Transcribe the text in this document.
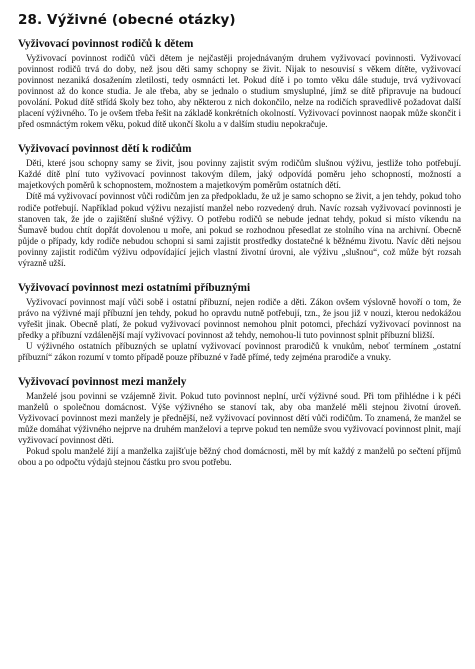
28. Výživné (obecné otázky)
Vyživovací povinnost rodičů k dětem

Vyživovací povinnost rodičů vůči dětem je nejčastěji projednávaným druhem vyživovací povinnosti. Vyživovací povinnost rodičů trvá do doby, než jsou děti samy schopny se živit. Nijak to nesouvisí s věkem dítěte, vyživovací povinnost nezaniká dosažením zletilosti, tedy osmnácti let. Pokud dítě i po tomto věku dále studuje, trvá vyživovací povinnost až do konce studia. Je ale třeba, aby se jednalo o studium smysluplné, jímž se dítě připravuje na budoucí povolání. Pokud dítě střídá školy bez toho, aby některou z nich dokončilo, nelze na rodičích spravedlivě požadovat další placení výživného. To je ovšem třeba řešit na základě konkrétních okolností. Vyživovací povinnost naopak může skončit i před osmnáctým rokem věku, pokud dítě ukončí školu a v dalším studiu nepokračuje.

Vyživovací povinnost dětí k rodičům

Děti, které jsou schopny samy se živit, jsou povinny zajistit svým rodičům slušnou výživu, jestliže toho potřebují. Každé dítě plní tuto vyživovací povinnost takovým dílem, jaký odpovídá poměru jeho schopností, možností a majetkových poměrů k schopnostem, možnostem a majetkovým poměrům ostatních dětí.

Dítě má vyživovací povinnost vůči rodičům jen za předpokladu, že už je samo schopno se živit, a jen tehdy, pokud toho rodiče potřebují. Například pokud výživu nezajistí manžel nebo rozvedený druh. Navíc rozsah vyživovací povinnosti je stanoven tak, že jde o zajištění slušné výživy. O potřebu rodičů se nebude jednat tehdy, pokud si místo víkendu na Šumavě budou chtít dopřát dovolenou u moře, ani pokud se rozhodnou přesedlat ze stolního vína na archivní. Obecně půjde o případy, kdy rodiče nebudou schopni si sami zajistit prostředky dostatečné k běžnému životu. Navíc děti nejsou povinny zajistit rodičům výživu odpovídající jejich vlastní životní úrovni, ale výživu „slušnou“, což může být rozsah výrazně užší.

Vyživovací povinnost mezi ostatními příbuznými

Vyživovací povinnost mají vůči sobě i ostatní příbuzní, nejen rodiče a děti. Zákon ovšem výslovně hovoří o tom, že právo na výživné mají příbuzní jen tehdy, pokud ho opravdu nutně potřebují, tzn., že jsou již v nouzi, kterou nedokážou vyřešit jinak. Obecně platí, že pokud vyživovací povinnost nemohou plnit potomci, přechází vyživovací povinnost na předky a příbuzní vzdálenější mají vyživovací povinnost až tehdy, nemohou-li tuto povinnost splnit příbuzní bližší.

U výživného ostatních příbuzných se uplatní vyživovací povinnost prarodičů k vnukům, neboť termínem „ostatní příbuzní“ zákon rozumí v tomto případě pouze příbuzné v řadě přímé, tedy zejména prarodiče a vnuky.

Vyživovací povinnost mezi manžely

Manželé jsou povinni se vzájemně živit. Pokud tuto povinnost neplní, určí výživné soud. Při tom přihlédne i k péči manželů o společnou domácnost. Výše výživného se stanoví tak, aby oba manželé měli stejnou životní úroveň. Vyživovací povinnost mezi manžely je přednější, než vyživovací povinnost dětí vůči rodičům. To znamená, že manžel se může domáhat výživného nejprve na druhém manželovi a teprve pokud ten nemůže svou vyživovací povinnost plnit, mají vyživovací povinnost děti.

Pokud spolu manželé žijí a manželka zajišťuje běžný chod domácnosti, měl by mít každý z manželů po sečtení příjmů obou a po odpočtu výdajů stejnou částku pro svou potřebu.
